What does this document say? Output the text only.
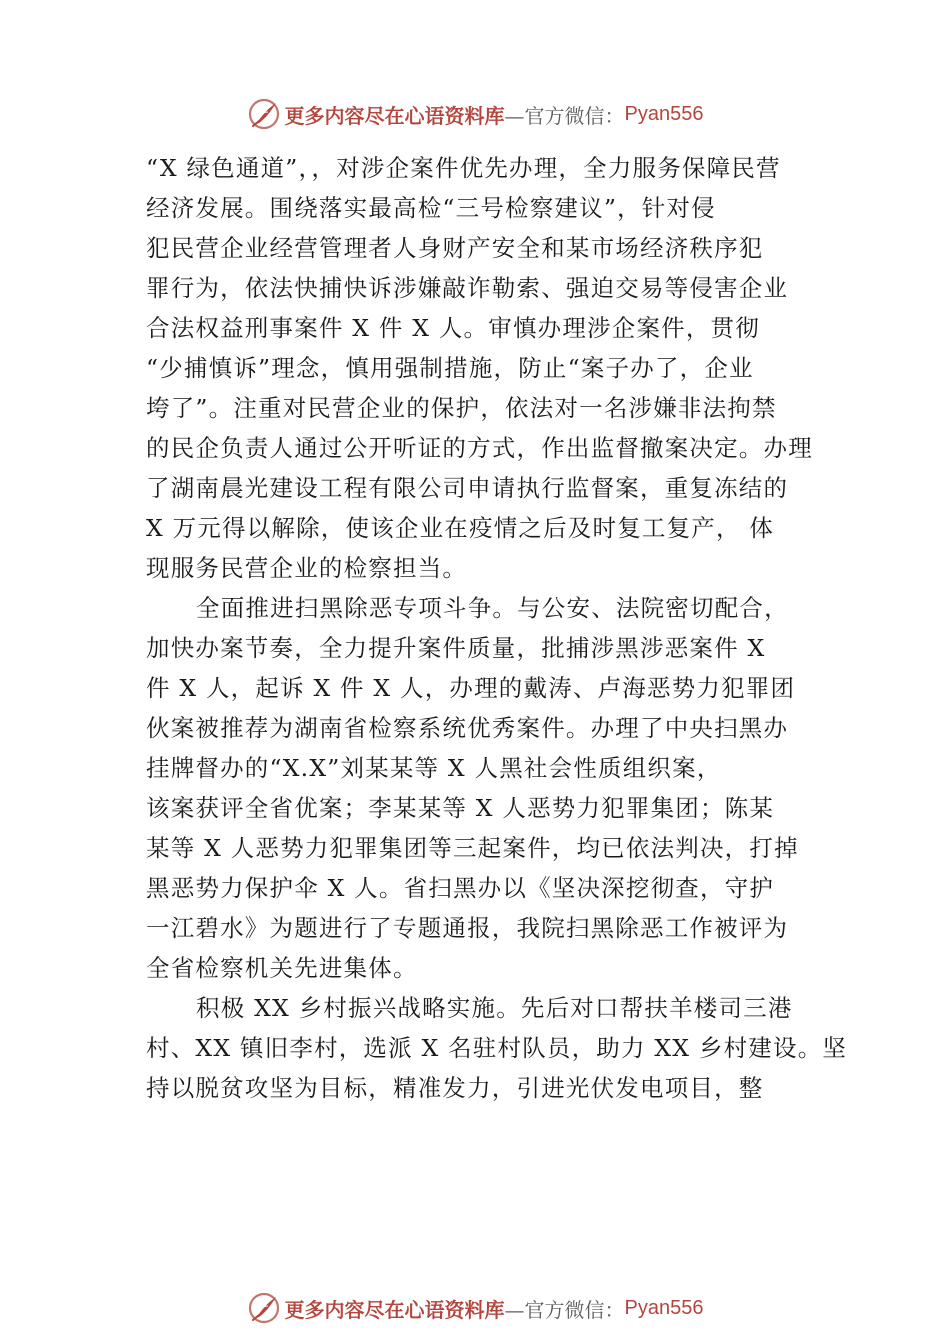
更多内容尽在心语资料库 —官方微信： Pyan556
“X 绿色通道”，，对涉企案件优先办理，全力服务保障民营
经济发展。围绕落实最高检“三号检察建议”，针对侵
犯民营企业经营管理者人身财产安全和某市场经济秩序犯
罪行为，依法快捕快诉涉嫌敲诈勒索、强迫交易等侵害企业
合法权益刑事案件 X 件 X 人。审慎办理涉企案件，贯彻
“少捕慎诉”理念，慎用强制措施，防止“案子办了，企业
垮了”。注重对民营企业的保护，依法对一名涉嫌非法拘禁
的民企负责人通过公开听证的方式，作出监督撤案决定。办理
了湖南晨光建设工程有限公司申请执行监督案，重复冻结的
X 万元得以解除，使该企业在疫情之后及时复工复产， 体
现服务民营企业的检察担当。
全面推进扫黑除恶专项斗争。与公安、法院密切配合，
加快办案节奏，全力提升案件质量，批捕涉黑涉恶案件 X
件 X 人，起诉 X 件 X 人，办理的戴涛、卢海恶势力犯罪团
伙案被推荐为湖南省检察系统优秀案件。办理了中央扫黑办
挂牌督办的“X.X”刘某某等 X 人黑社会性质组织案，
该案获评全省优案；李某某等 X 人恶势力犯罪集团；陈某
某等 X 人恶势力犯罪集团等三起案件，均已依法判决，打掉
黑恶势力保护伞 X 人。省扫黑办以《坚决深挖彻查，守护
一江碧水》为题进行了专题通报，我院扫黑除恶工作被评为
全省检察机关先进集体。
积极 XX 乡村振兴战略实施。先后对口帮扶羊楼司三港
村、XX 镇旧李村，选派 X 名驻村队员，助力 XX 乡村建设。坚
持以脱贫攻坚为目标，精准发力，引进光伏发电项目，整
更多内容尽在心语资料库 —官方微信： Pyan556
